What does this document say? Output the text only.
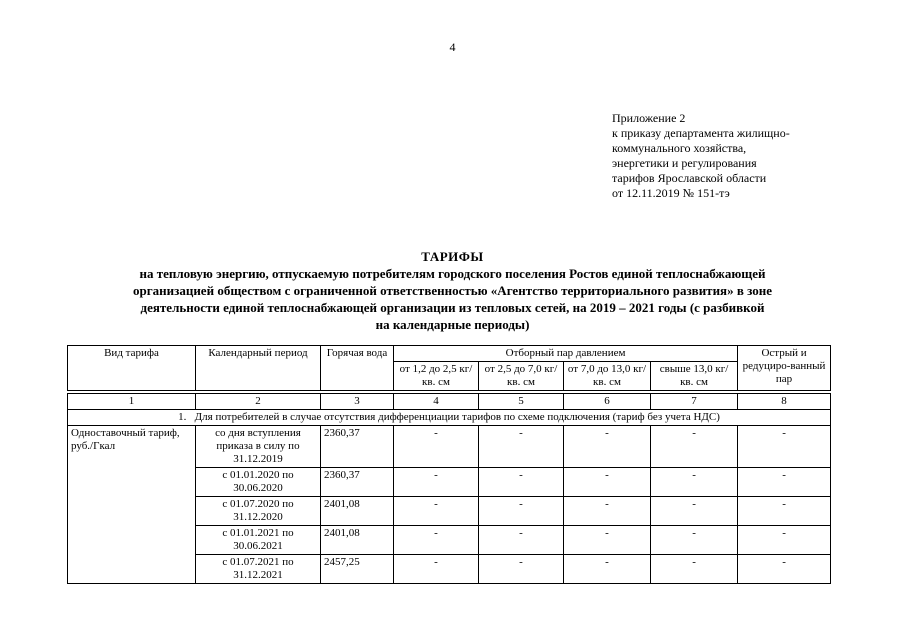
4
Приложение 2
к приказу департамента жилищно-
коммунального хозяйства,
энергетики и регулирования
тарифов Ярославской области
от 12.11.2019 № 151-тэ
ТАРИФЫ
на тепловую энергию, отпускаемую потребителям городского поселения Ростов единой теплоснабжающей
организацией обществом с ограниченной ответственностью «Агентство территориального развития» в зоне
деятельности единой теплоснабжающей организации из тепловых сетей, на 2019 – 2021 годы (с разбивкой
на календарные периоды)
Вид тарифа	Календарный период	Горячая вода	Отборный пар давлением				Острый и редуциро-ванный пар
			от 1,2 до 2,5 кг/кв. см	от 2,5 до 7,0 кг/кв. см	от 7,0 до 13,0 кг/кв. см	свыше 13,0 кг/кв. см	

1	2	3	4	5	6	7	8
1.   Для потребителей в случае отсутствия дифференциации тарифов по схеме подключения (тариф без учета НДС)							
Одноставочный тариф, руб./Гкал	со дня вступления приказа в силу по 31.12.2019	2360,37	-	-	-	-	-
	с 01.01.2020 по 30.06.2020	2360,37	-	-	-	-	-
	с 01.07.2020 по 31.12.2020	2401,08	-	-	-	-	-
	с 01.01.2021 по 30.06.2021	2401,08	-	-	-	-	-
	с 01.07.2021 по 31.12.2021	2457,25	-	-	-	-	-
